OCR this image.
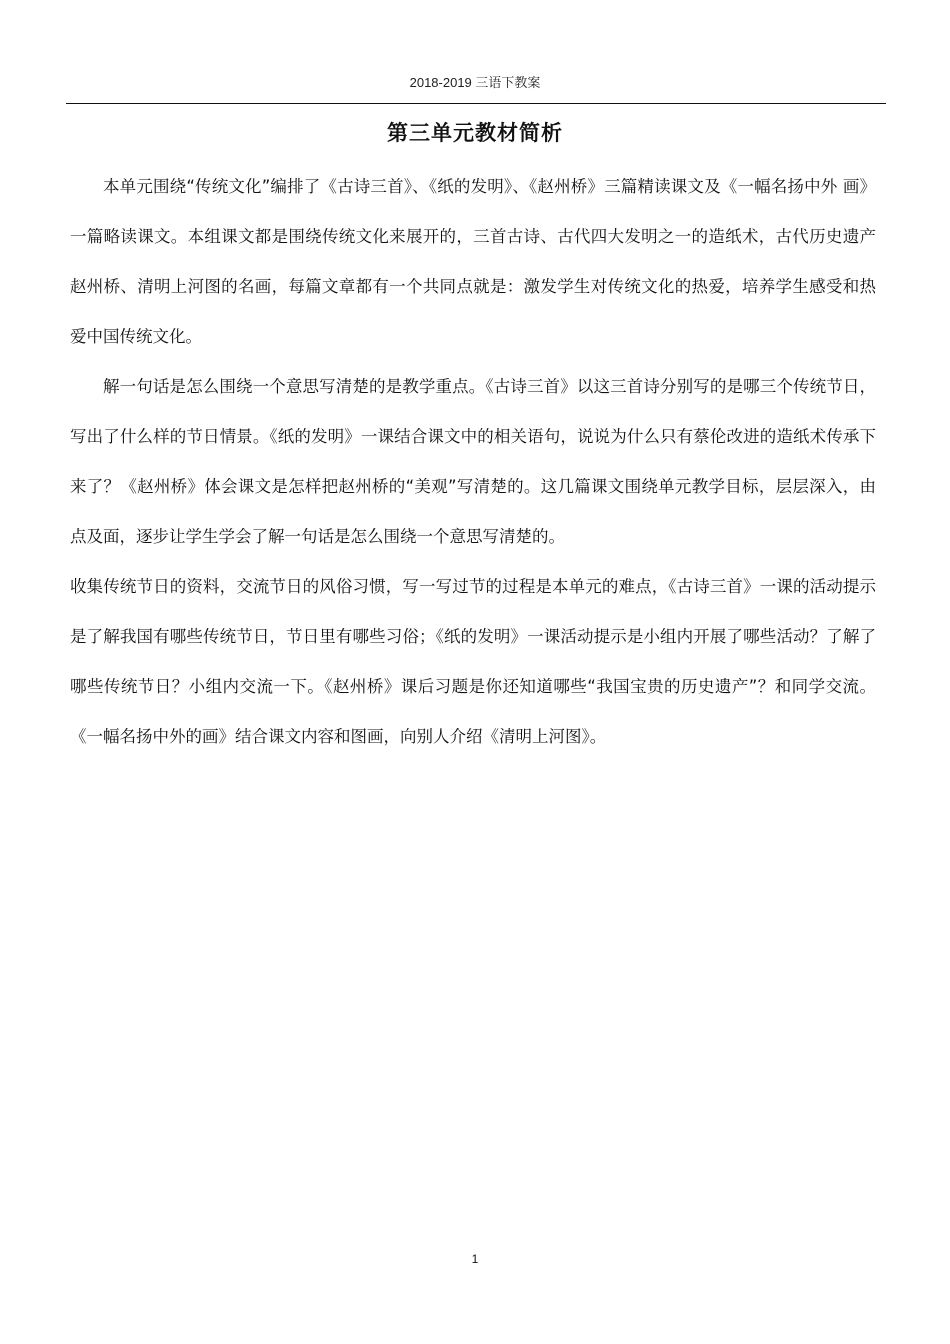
2018-2019 三语下教案
第三单元教材简析

本单元围绕“传统文化”编排了《古诗三首》、《纸的发明》、《赵州桥》三篇精读课文及《一幅名扬中外 画》一篇略读课文。本组课文都是围绕传统文化来展开的，三首古诗、古代四大发明之一的造纸术，古代历史遗产赵州桥、清明上河图的名画，每篇文章都有一个共同点就是：激发学生对传统文化的热爱，培养学生感受和热爱中国传统文化。

解一句话是怎么围绕一个意思写清楚的是教学重点。《古诗三首》以这三首诗分别写的是哪三个传统节日，写出了什么样的节日情景。《纸的发明》一课结合课文中的相关语句，说说为什么只有蔡伦改进的造纸术传承下来了？《赵州桥》体会课文是怎样把赵州桥的“美观”写清楚的。这几篇课文围绕单元教学目标，层层深入，由点及面，逐步让学生学会了解一句话是怎么围绕一个意思写清楚的。

收集传统节日的资料，交流节日的风俗习惯，写一写过节的过程是本单元的难点，《古诗三首》一课的活动提示是了解我国有哪些传统节日，节日里有哪些习俗；《纸的发明》一课活动提示是小组内开展了哪些活动？了解了哪些传统节日？小组内交流一下。《赵州桥》课后习题是你还知道哪些“我国宝贵的历史遗产”？和同学交流。《一幅名扬中外的画》结合课文内容和图画，向别人介绍《清明上河图》。

1
